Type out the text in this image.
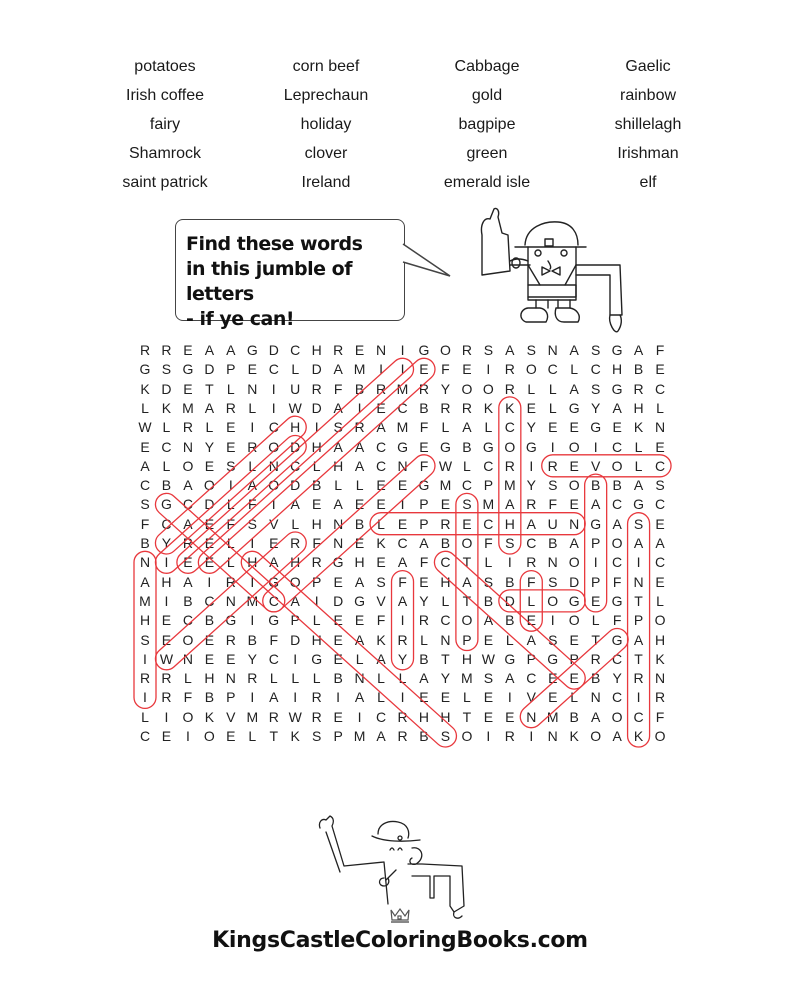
potatoes	corn beef	Cabbage	Gaelic
Irish coffee	Leprechaun	gold	rainbow
fairy	holiday	bagpipe	shillelagh
Shamrock	clover	green	Irishman
saint patrick	Ireland	emerald isle	elf
Find these words
in this jumble of letters
- if ye can!
R R E A A G D C H R E N	I	G O R S A S N A S G A F
G S G D P E C L D A M I	I	E F E	I	R O C L C H B E
K D E T L N	I	U R F B R M R Y O O R L L A S G R C
L K M A R L	I W D A	I	E C B R R K K E L G Y A H L
W L R L E	I	C H	I	S R A M F L A L C Y E E G E K N
E C N Y E R O D H A A C G E G B G O G	I	O	I	C L E
A L O E S L N C L H A C N F W L C R	I	R E V O L C
C B A O	I	A O D B L L E E G M C P M Y S O B B A S
S G C D L F	I	A E A E E	I	P E S M A R F E A C G C
F C A E F S V L H N B L E P R E C H A U N G A S E
B Y R E L	I	E R F N E K C A B O F S C B A P O A A
N	I	E E L H A H R G H E A F C T L	I	R N O	I	C	I	C
A H A	I	R	I	G O P E A S F E H A S B F S D P F N E
M I	B C N M C A	I	D G V A Y L T B D L O G E G T L
H E C B G	I	G P L E E F	I	R C O A B E	I	O L F P O
S E O E R B F D H E A K R L N P E L A S E T G A H
I W N E E Y C	I	G E L A Y B T H W G P G P R C T K
R R L H N R L L L B N L L A Y M S A C E E B Y R N
I	R F B P	I	A	I	R	I	A L	I	E E L E	I	V E L N C	I	R
L	I	O K V M R W R E	I	C R H H T E E N M B A O C F
C E	I	O E L T K S P M A R B S O	I	R	I	N K O A K O
KingsCastleColoringBooks.com
